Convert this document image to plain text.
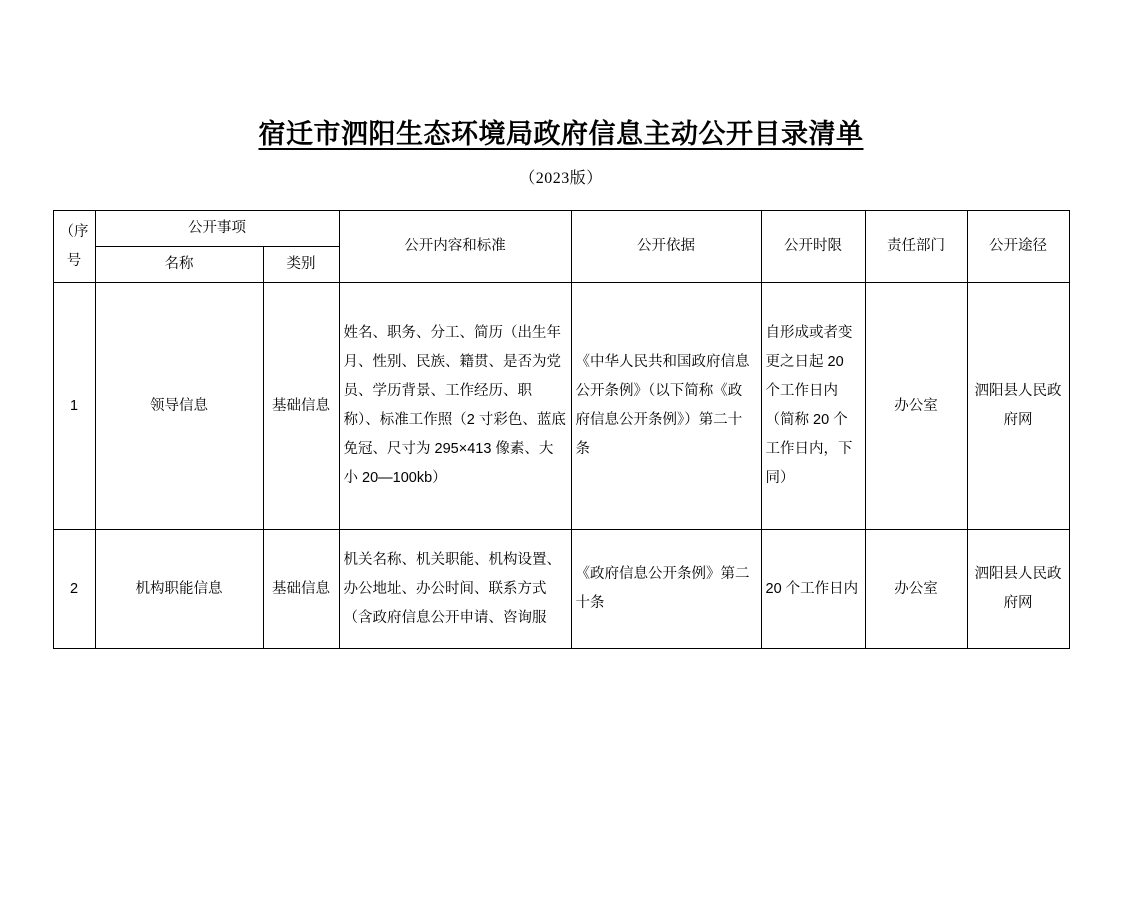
宿迁市泗阳生态环境局政府信息主动公开目录清单
（2023版）
（序
号	公开事项		公开内容和标准	公开依据	公开时限	责任部门	公开途径
	名称	类别					
1	领导信息	基础信息	姓名、职务、分工、简历（出生年月、性别、民族、籍贯、是否为党员、学历背景、工作经历、职称）、标准工作照（2 寸彩色、蓝底免冠、尺寸为 295×413 像素、大小 20—100kb）	《中华人民共和国政府信息公开条例》（以下简称《政府信息公开条例》）第二十条	自形成或者变更之日起 20 个工作日内（简称 20 个工作日内，下同）	办公室	泗阳县人民政府网
2	机构职能信息	基础信息	机关名称、机关职能、机构设置、办公地址、办公时间、联系方式（含政府信息公开申请、咨询服	《政府信息公开条例》第二十条	20 个工作日内	办公室	泗阳县人民政府网
